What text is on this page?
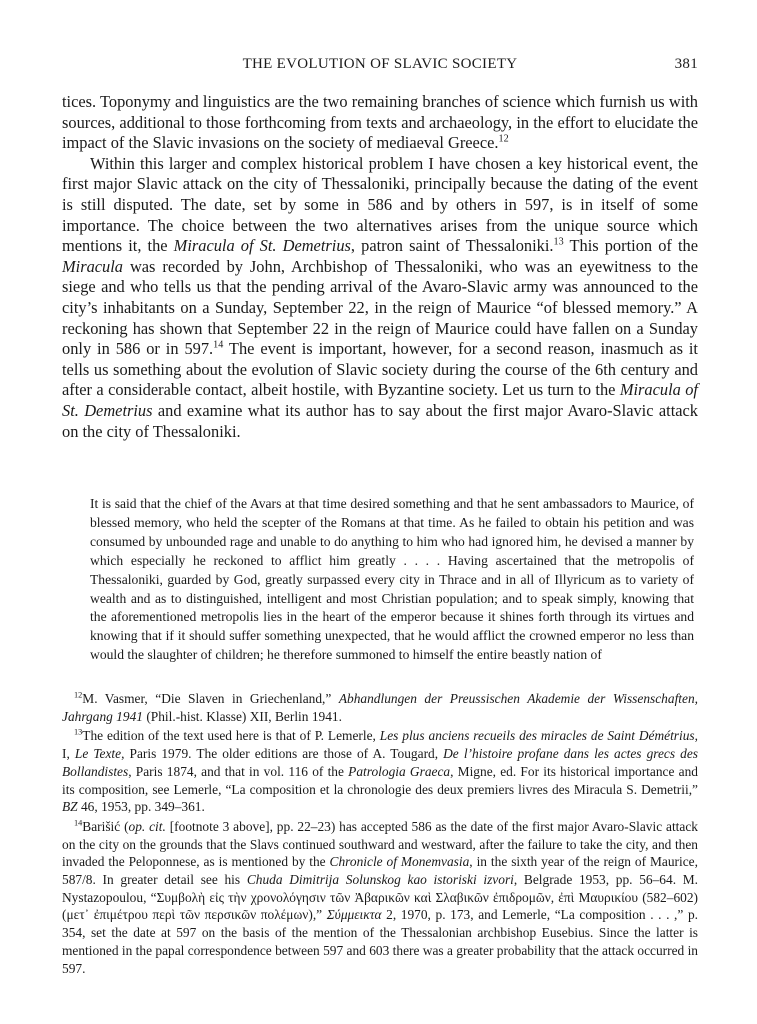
THE EVOLUTION OF SLAVIC SOCIETY	381

tices. Toponymy and linguistics are the two remaining branches of science which furnish us with sources, additional to those forthcoming from texts and archaeology, in the effort to elucidate the impact of the Slavic invasions on the society of mediaeval Greece.$^{12}$

Within this larger and complex historical problem I have chosen a key historical event, the first major Slavic attack on the city of Thessaloniki, principally because the dating of the event is still disputed. The date, set by some in 586 and by others in 597, is in itself of some importance. The choice between the two alternatives arises from the unique source which mentions it, the Miracula of St. Demetrius, patron saint of Thessaloniki.$^{13}$ This portion of the Miracula was recorded by John, Archbishop of Thessaloniki, who was an eyewitness to the siege and who tells us that the pending arrival of the Avaro-Slavic army was announced to the city’s inhabitants on a Sunday, September 22, in the reign of Maurice “of blessed memory.” A reckoning has shown that September 22 in the reign of Maurice could have fallen on a Sunday only in 586 or in 597.14 The event is important, however, for a second reason, inasmuch as it tells us something about the evolution of Slavic society during the course of the 6th century and after a considerable contact, albeit hostile, with Byzantine society. Let us turn to the Miracula of St. Demetrius and examine what its author has to say about the first major Avaro-Slavic attack on the city of Thessaloniki.

It is said that the chief of the Avars at that time desired something and that he sent ambassadors to Maurice, of blessed memory, who held the scepter of the Romans at that time. As he failed to obtain his petition and was consumed by unbounded rage and unable to do anything to him who had ignored him, he devised a manner by which especially he reckoned to afflict him greatly . . . . Having ascertained that the metropolis of Thessaloniki, guarded by God, greatly surpassed every city in Thrace and in all of Illyricum as to variety of wealth and as to distinguished, intelligent and most Christian population; and to speak simply, knowing that the aforementioned metropolis lies in the heart of the emperor because it shines forth through its virtues and knowing that if it should suffer something unexpected, that he would afflict the crowned emperor no less than would the slaughter of children; he therefore summoned to himself the entire beastly nation of

$^{12}$M. Vasmer, “Die Slaven in Griechenland,” Abhandlungen der Preussischen Akademie der Wissenschaften, Jahrgang 1941 (Phil.-hist. Klasse) XII, Berlin 1941.

$^{13}$The edition of the text used here is that of P. Lemerle, Les plus anciens recueils des miracles de Saint Démétrius, I, Le Texte, Paris 1979. The older editions are those of A. Tougard, De l’histoire profane dans les actes grecs des Bollandistes, Paris 1874, and that in vol. 116 of the Patrologia Graeca, Migne, ed. For its historical importance and its composition, see Lemerle, “La composition et la chronologie des deux premiers livres des Miracula S. Demetrii,” BZ 46, 1953, pp. 349–361.

$^{14}$Barišić (op. cit. [footnote 3 above], pp. 22–23) has accepted 586 as the date of the first major Avaro-Slavic attack on the city on the grounds that the Slavs continued southward and westward, after the failure to take the city, and then invaded the Peloponnese, as is mentioned by the Chronicle of Monemvasia, in the sixth year of the reign of Maurice, 587/8. In greater detail see his Chuda Dimitrija Solunskog kao istoriski izvori, Belgrade 1953, pp. 56–64. M. Nystazopoulou, “Συμβολὴ εἰς τὴν χρονολόγησιν τῶν Ἀβαρικῶν καὶ Σλαβικῶν ἐπιδρομῶν, ἐπὶ Μαυρικίου (582–602) (μετ᾽ ἐπιμέτρου περὶ τῶν περσικῶν πολέμων),” Σύμμεικτα 2, 1970, p. 173, and Lemerle, “La composition . . . ,” p. 354, set the date at 597 on the basis of the mention of the Thessalonian archbishop Eusebius. Since the latter is mentioned in the papal correspondence between 597 and 603 there was a greater probability that the attack occurred in 597.
